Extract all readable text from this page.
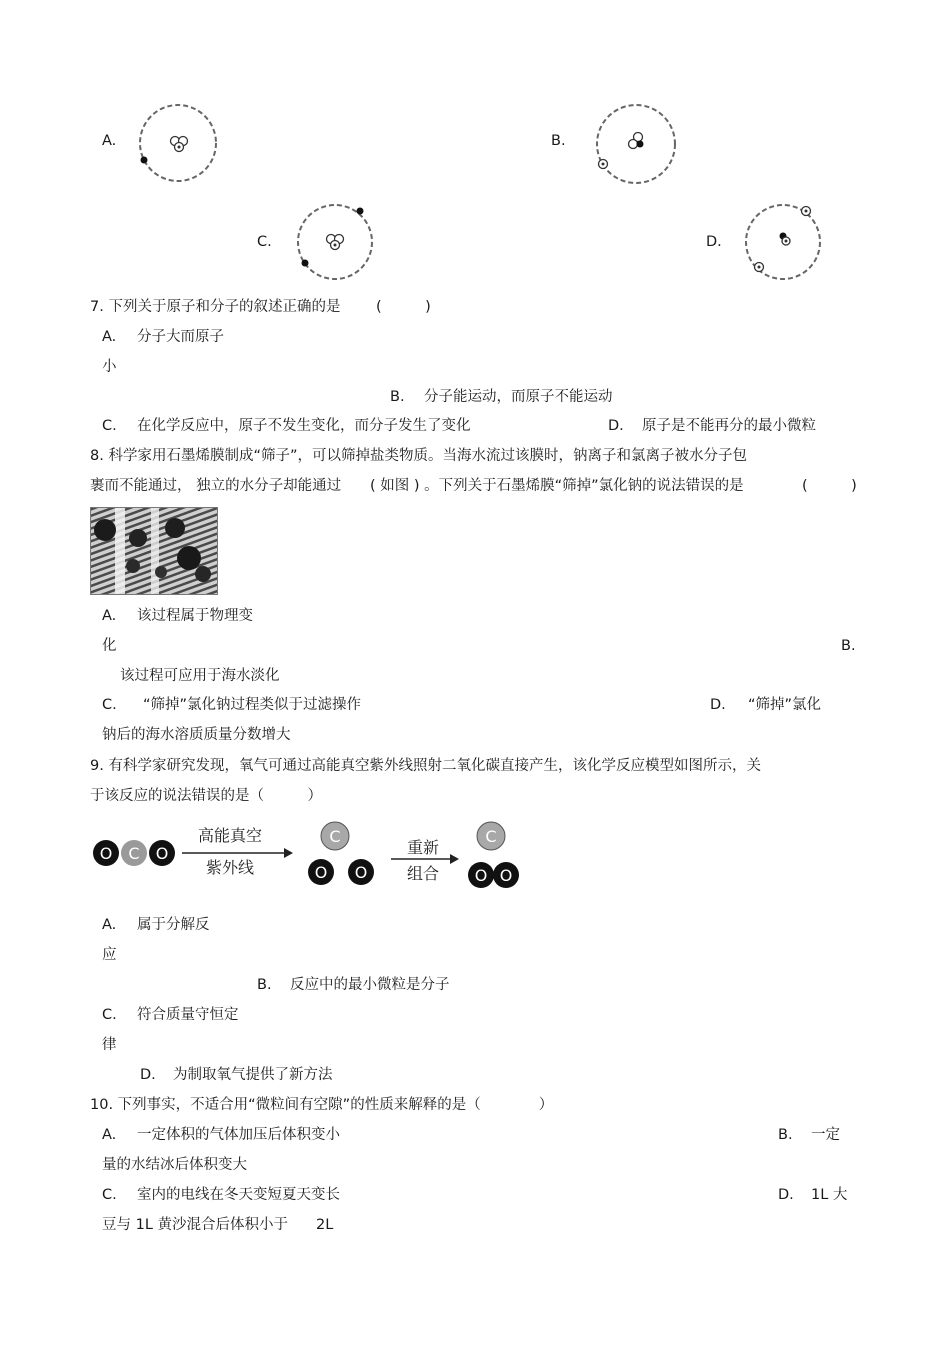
A.	B.
C.	D.
7. 下列关于原子和分子的叙述正确的是 (　　　)
A. 分子大而原子
小
B. 分子能运动，而原子不能运动
C. 在化学反应中，原子不发生变化，而分子发生了变化	D. 原子是不能再分的最小微粒
8. 科学家用石墨烯膜制成“筛子”，可以筛掉盐类物质。当海水流过该膜时，钠离子和氯离子被水分子包
裹而不能通过， 独立的水分子却能通过 ( 如图 ) 。下列关于石墨烯膜“筛掉”氯化钠的说法错误的是	(　　　)
A. 该过程属于物理变
化	B.
该过程可应用于海水淡化
C. “筛掉”氯化钠过程类似于过滤操作	D. “筛掉”氯化
钠后的海水溶质质量分数增大
9. 有科学家研究发现，氧气可通过高能真空紫外线照射二氧化碳直接产生，该化学反应模型如图所示，关
于该反应的说法错误的是（　　　）
O C O
高能真空
紫外线
C
O O
重新
组合
C
O O
A. 属于分解反
应
B. 反应中的最小微粒是分子
C. 符合质量守恒定
律
D. 为制取氧气提供了新方法
10. 下列事实，不适合用“微粒间有空隙”的性质来解释的是（　　　　）
A. 一定体积的气体加压后体积变小	B. 一定
量的水结冰后体积变大
C. 室内的电线在冬天变短夏天变长	D. 1L 大
豆与 1L 黄沙混合后体积小于 2L
